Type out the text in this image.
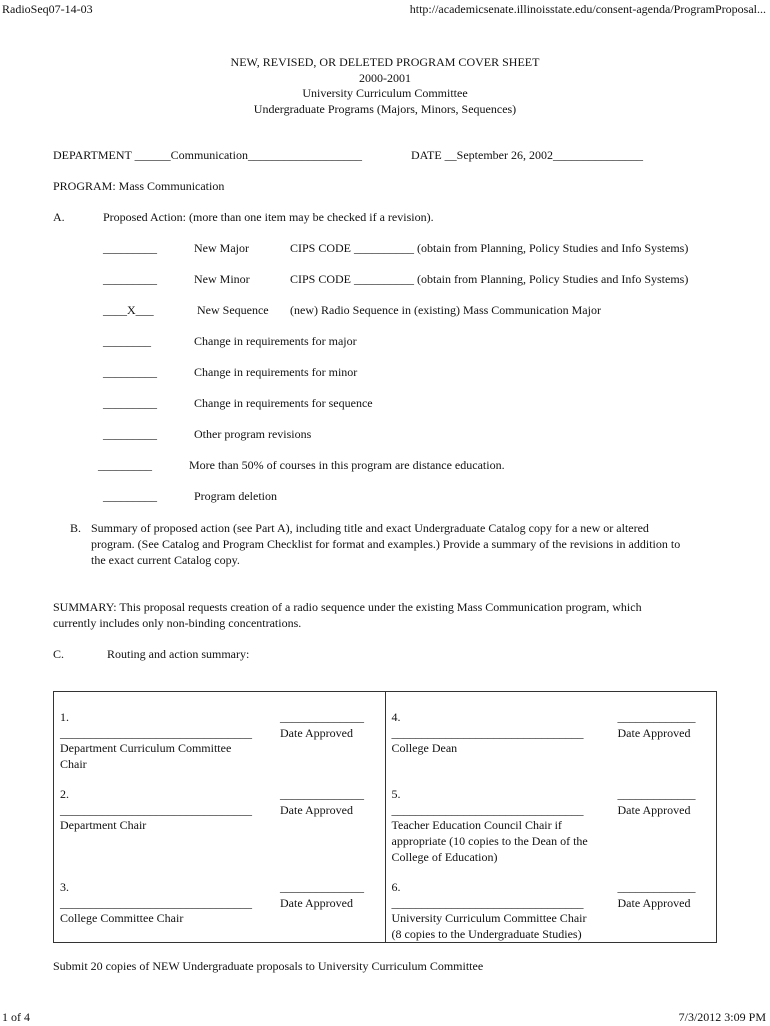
RadioSeq07-14-03	http://academicsenate.illinoisstate.edu/consent-agenda/ProgramProposal...
NEW, REVISED, OR DELETED PROGRAM COVER SHEET
2000-2001
University Curriculum Committee
Undergraduate Programs (Majors, Minors, Sequences)
DEPARTMENT ______Communication___________________	DATE __September 26, 2002_______________
PROGRAM: Mass Communication
A.	Proposed Action: (more than one item may be checked if a revision).
_________	New Major	CIPS CODE __________ (obtain from Planning, Policy Studies and Info Systems)
_________	New Minor	CIPS CODE __________ (obtain from Planning, Policy Studies and Info Systems)
____X___	New Sequence (new) Radio Sequence in (existing) Mass Communication Major
________	Change in requirements for major
_________	Change in requirements for minor
_________	Change in requirements for sequence
_________	Other program revisions
_________	More than 50% of courses in this program are distance education.
_________	Program deletion
B. Summary of proposed action (see Part A), including title and exact Undergraduate Catalog copy for a new or altered
program. (See Catalog and Program Checklist for format and examples.) Provide a summary of the revisions in addition to
the exact current Catalog copy.
SUMMARY: This proposal requests creation of a radio sequence under the existing Mass Communication program, which
currently includes only non-binding concentrations.
C.	Routing and action summary:
1.
________________________________
______________
Date Approved
Department Curriculum Committee
Chair
2.
________________________________
______________
Date Approved
Department Chair
3.
________________________________
______________
Date Approved
College Committee Chair

4.
________________________________
_____________
Date Approved
College Dean
5.
________________________________
_____________
Date Approved
Teacher Education Council Chair if
appropriate (10 copies to the Dean of the
College of Education)
6.
________________________________
_____________
Date Approved
University Curriculum Committee Chair
(8 copies to the Undergraduate Studies)
Submit 20 copies of NEW Undergraduate proposals to University Curriculum Committee
1 of 4	7/3/2012 3:09 PM
